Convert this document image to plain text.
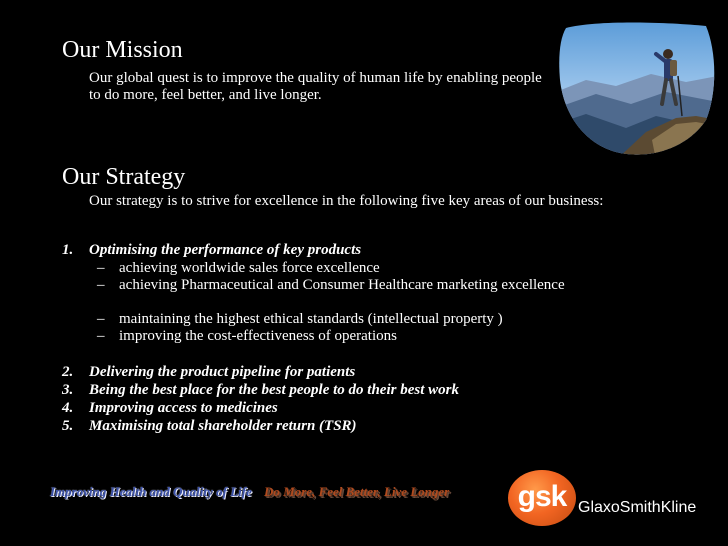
Our Mission
Our global quest is to improve the quality of human life by enabling people to do more, feel better, and live longer.
Our Strategy
Our strategy is to strive for excellence in the following five key areas of our business:
1. Optimising the performance of key products
– achieving worldwide sales force excellence
– achieving Pharmaceutical and Consumer Healthcare marketing excellence
– maintaining the highest ethical standards (intellectual property )
– improving the cost-effectiveness of operations
2. Delivering the product pipeline for patients
3. Being the best place for the best people to do their best work
4. Improving access to medicines
5. Maximising total shareholder return (TSR)
Improving Health and Quality of Life Do More, Feel Better, Live Longer	gsk GlaxoSmithKline
